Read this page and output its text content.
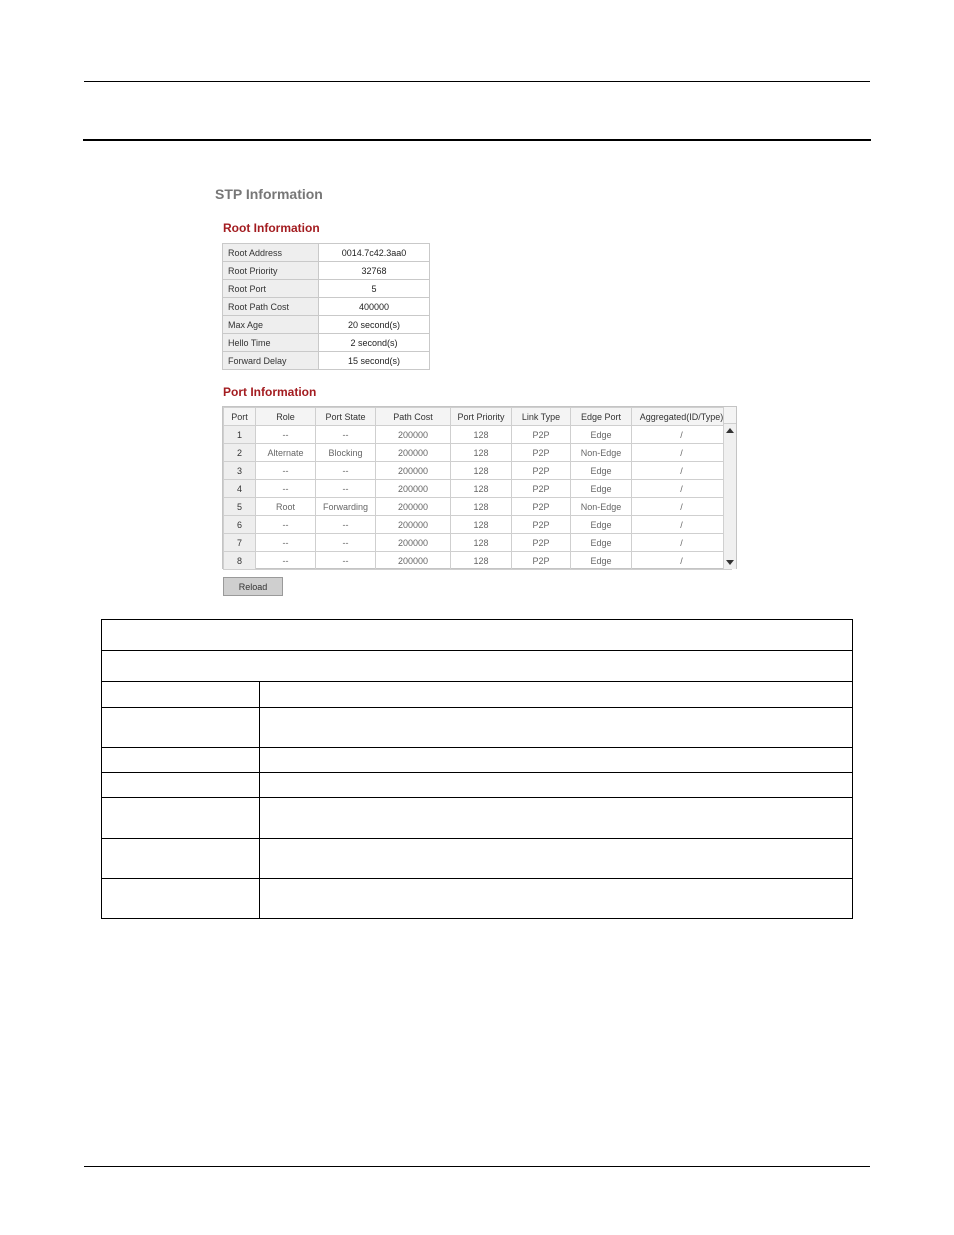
STP Information
Root Information
Root Address	0014.7c42.3aa0
Root Priority	32768
Root Port	5
Root Path Cost	400000
Max Age	20 second(s)
Hello Time	2 second(s)
Forward Delay	15 second(s)
Port Information
Port	Role	Port State	Path Cost	Port Priority	Link Type	Edge Port	Aggregated(ID/Type)
1	--	--	200000	128	P2P	Edge	/
2	Alternate	Blocking	200000	128	P2P	Non-Edge	/
3	--	--	200000	128	P2P	Edge	/
4	--	--	200000	128	P2P	Edge	/
5	Root	Forwarding	200000	128	P2P	Non-Edge	/
6	--	--	200000	128	P2P	Edge	/
7	--	--	200000	128	P2P	Edge	/
8	--	--	200000	128	P2P	Edge	/
Reload
